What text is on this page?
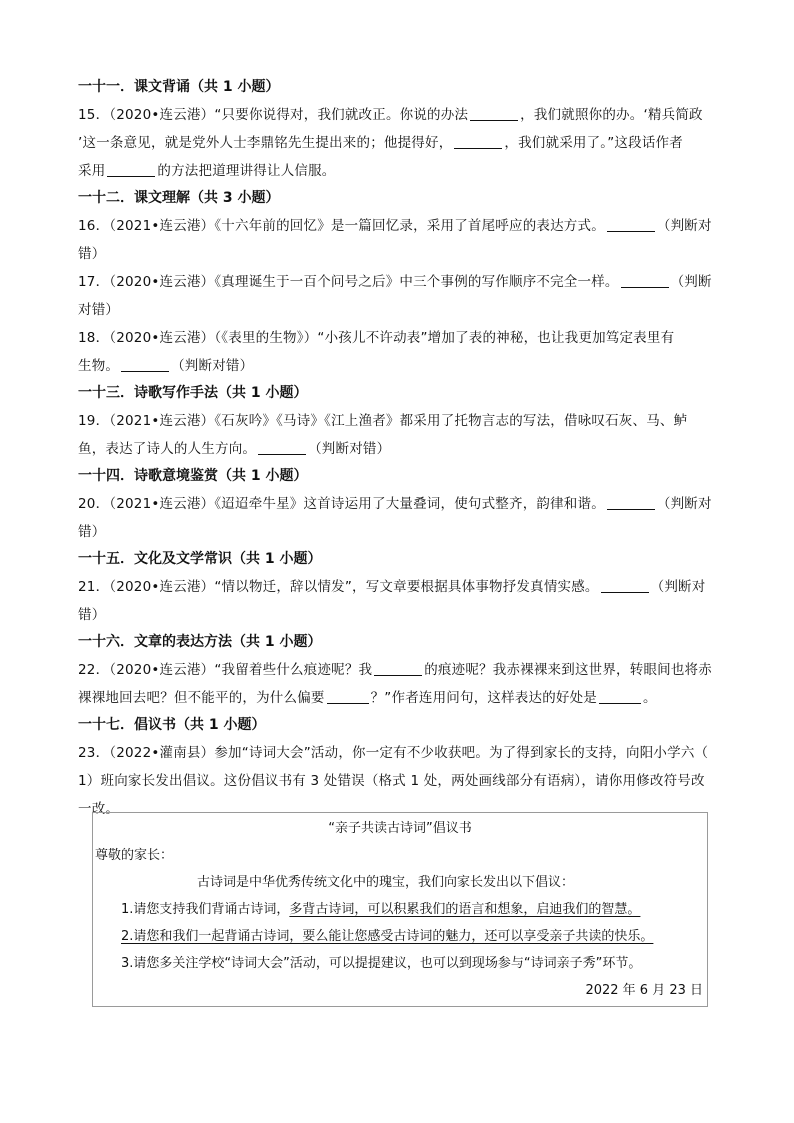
一十一．课文背诵（共 1 小题）

15．（2020•连云港）“只要你说得对，我们就改正。你说的办法	，我们就照你的办。‘精兵简政
’这一条意见，就是党外人士李鼎铭先生提出来的；他提得好，	，我们就采用了。”这段话作者
采用	的方法把道理讲得让人信服。

一十二．课文理解（共 3 小题）

16．（2021•连云港）《十六年前的回忆》是一篇回忆录，采用了首尾呼应的表达方式。	（判断对
错）

17．（2020•连云港）《真理诞生于一百个问号之后》中三个事例的写作顺序不完全一样。	（判断
对错）

18．（2020•连云港）（《表里的生物》）“小孩儿不许动表”增加了表的神秘，也让我更加笃定表里有
生物。	（判断对错）

一十三．诗歌写作手法（共 1 小题）

19．（2021•连云港）《石灰吟》《马诗》《江上渔者》都采用了托物言志的写法，借咏叹石灰、马、鲈
鱼，表达了诗人的人生方向。	（判断对错）

一十四．诗歌意境鉴赏（共 1 小题）

20．（2021•连云港）《迢迢牵牛星》这首诗运用了大量叠词，使句式整齐，韵律和谐。	（判断对
错）

一十五．文化及文学常识（共 1 小题）

21．（2020•连云港）“情以物迁，辞以情发”，写文章要根据具体事物抒发真情实感。	（判断对
错）

一十六．文章的表达方法（共 1 小题）

22．（2020•连云港）“我留着些什么痕迹呢？我	的痕迹呢？我赤裸裸来到这世界，转眼间也将赤
裸裸地回去吧？但不能平的，为什么偏要	？”作者连用问句，这样表达的好处是	。

一十七．倡议书（共 1 小题）

23．（2022•灌南县）参加“诗词大会”活动，你一定有不少收获吧。为了得到家长的支持，向阳小学六（
1）班向家长发出倡议。这份倡议书有 3 处错误（格式 1 处，两处画线部分有语病），请你用修改符号改
一改。

“亲子共读古诗词”倡议书
尊敬的家长：
古诗词是中华优秀传统文化中的瑰宝，我们向家长发出以下倡议：
1.请您支持我们背诵古诗词，多背古诗词，可以积累我们的语言和想象，启迪我们的智慧。
2.请您和我们一起背诵古诗词，要么能让您感受古诗词的魅力，还可以享受亲子共读的快乐。
3.请您多关注学校“诗词大会”活动，可以提提建议，也可以到现场参与“诗词亲子秀”环节。
2022 年 6 月 23 日
